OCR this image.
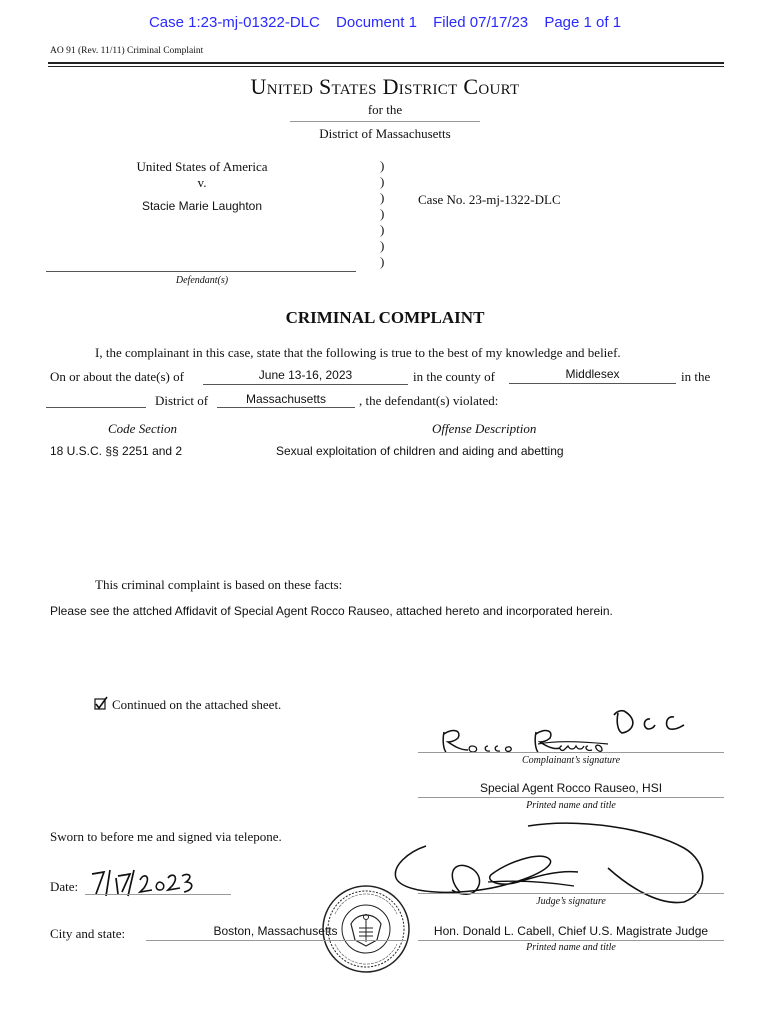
Case 1:23-mj-01322-DLC Document 1 Filed 07/17/23 Page 1 of 1
AO 91 (Rev. 11/11) Criminal Complaint
United States District Court
for the
District of Massachusetts
United States of America
v.
Stacie Marie Laughton
Defendant(s)
)
)
)
)
)
)
)
Case No. 23-mj-1322-DLC
CRIMINAL COMPLAINT
I, the complainant in this case, state that the following is true to the best of my knowledge and belief.
On or about the date(s) of	June 13-16, 2023	in the county of	Middlesex	in the
District of	Massachusetts	, the defendant(s) violated:
Code Section	Offense Description
18 U.S.C. §§ 2251 and 2	Sexual exploitation of children and aiding and abetting
This criminal complaint is based on these facts:
Please see the attched Affidavit of Special Agent Rocco Rauseo, attached hereto and incorporated herein.
Continued on the attached sheet.
Complainant’s signature
Special Agent Rocco Rauseo, HSI
Printed name and title
Sworn to before me and signed via telepone.
Date:
Judge’s signature
City and state:	Boston, Massachusetts	Hon. Donald L. Cabell, Chief U.S. Magistrate Judge
Printed name and title
